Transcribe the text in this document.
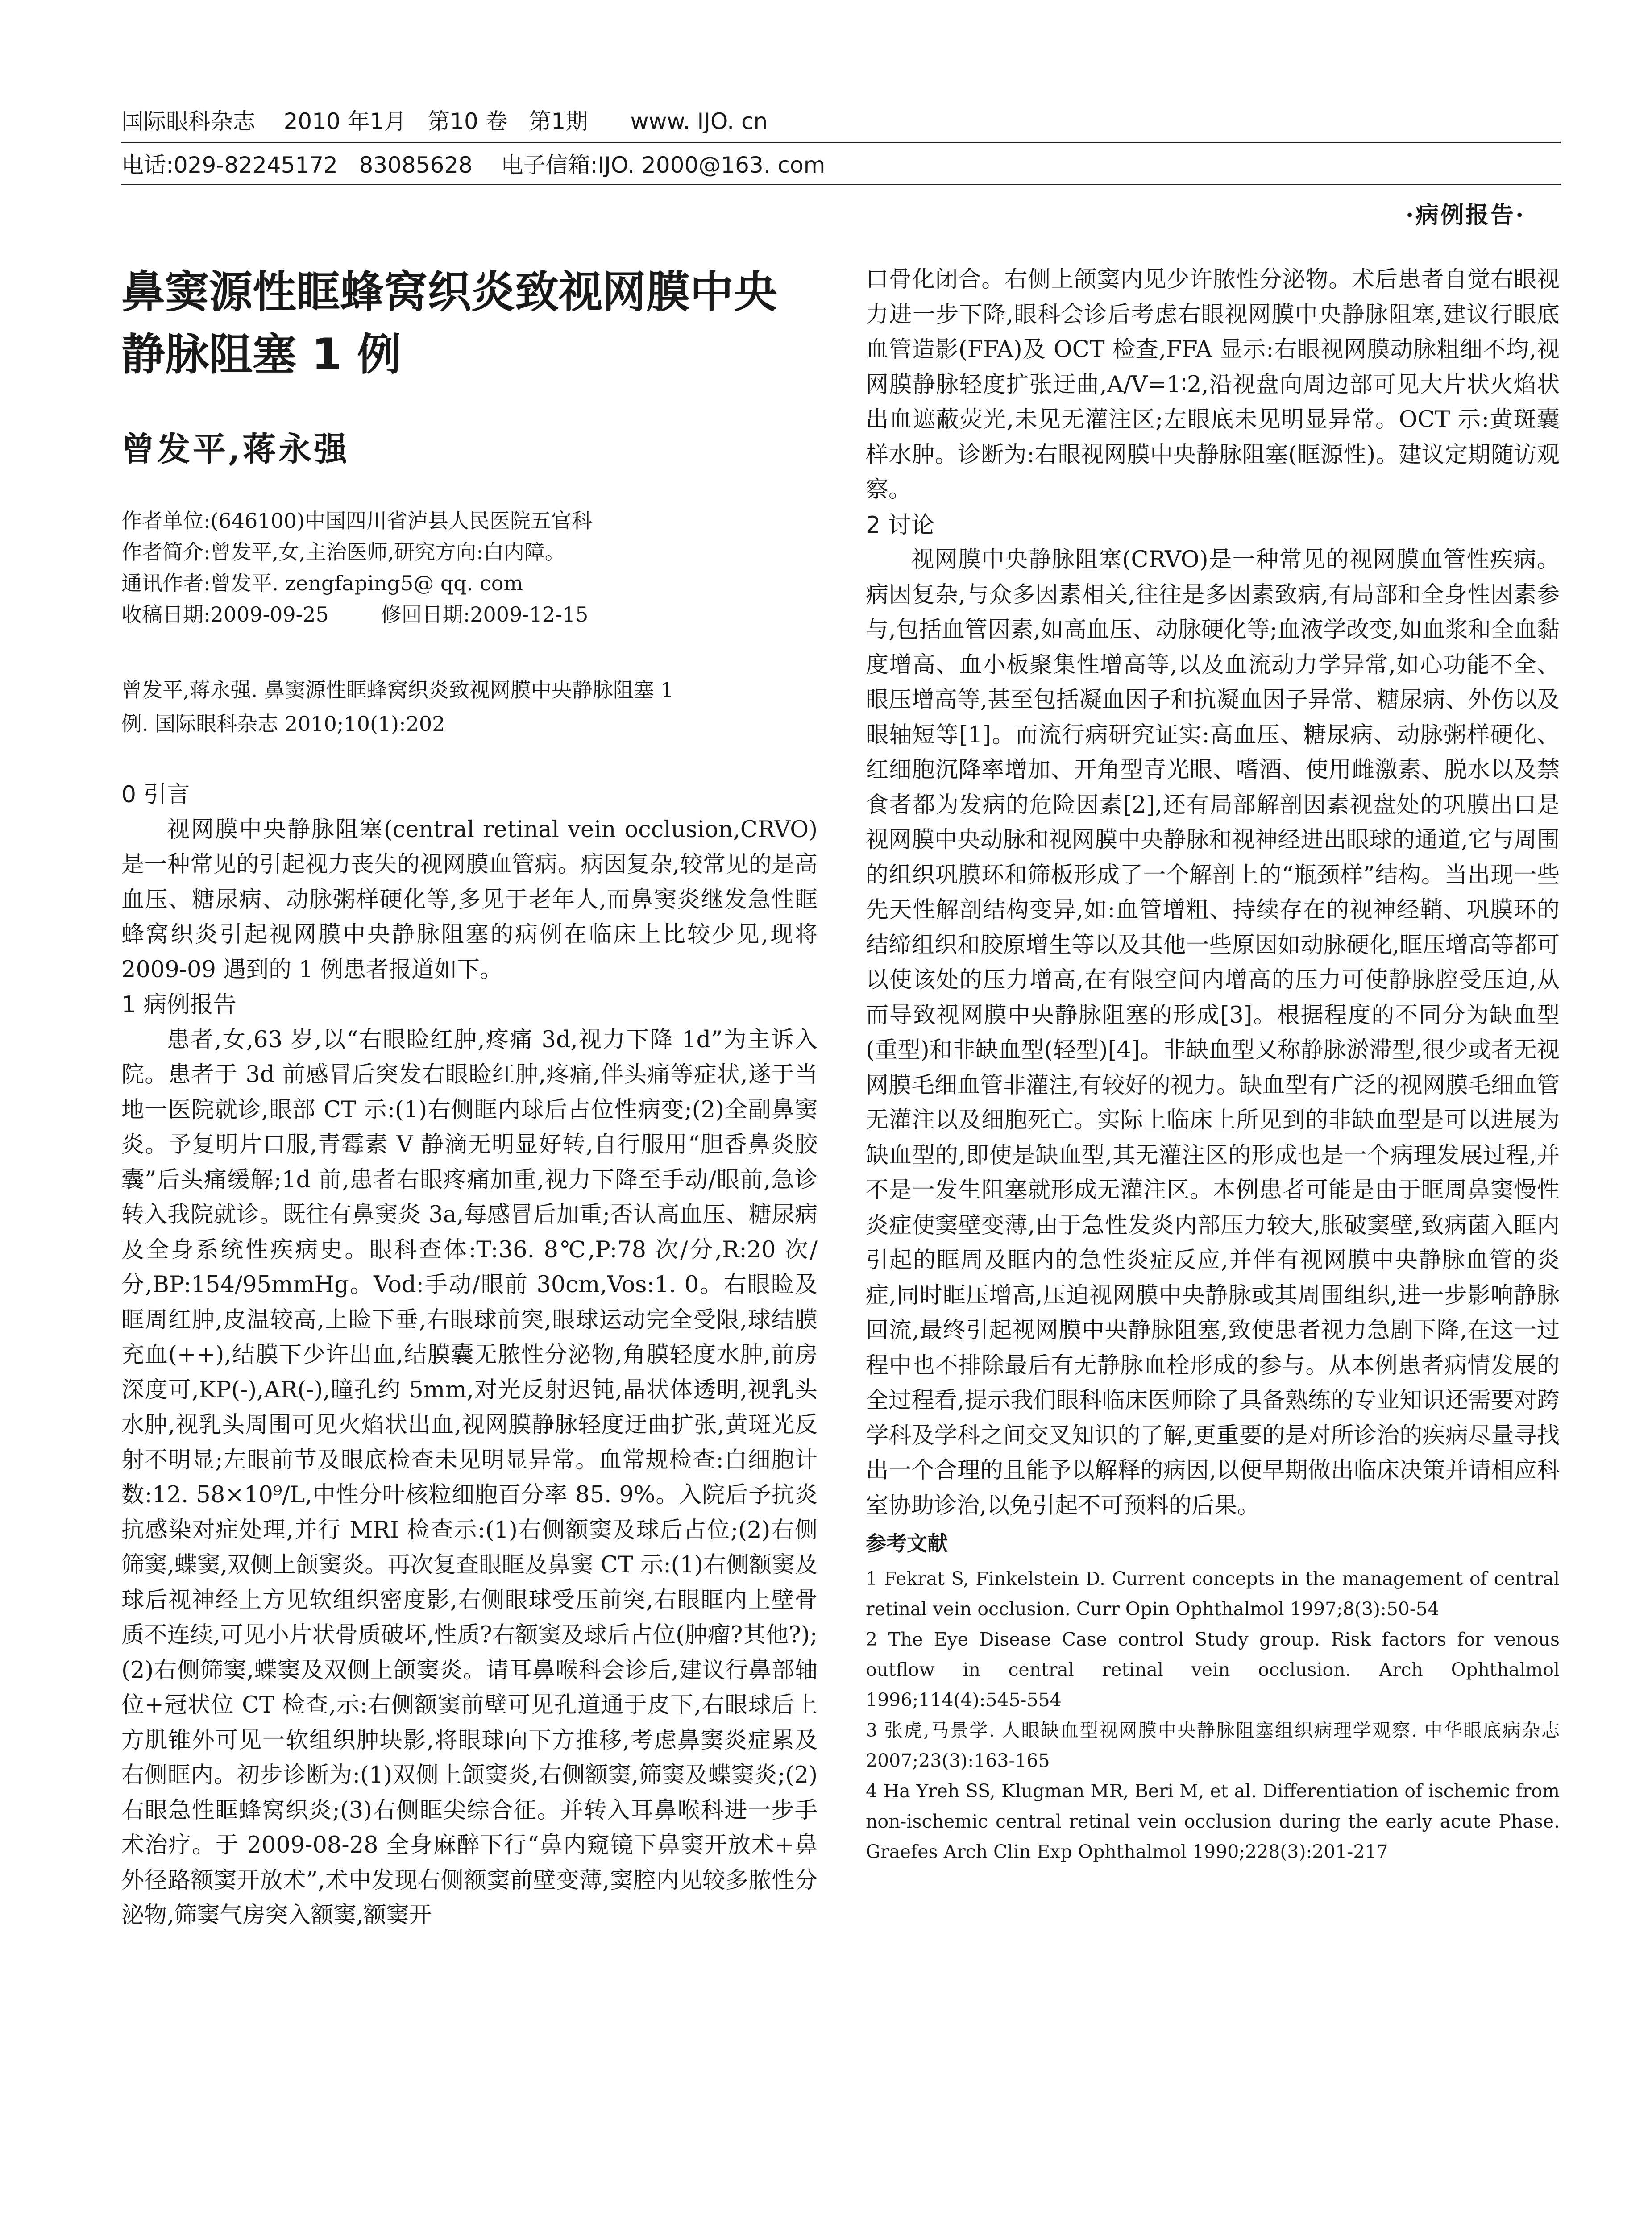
国际眼科杂志    2010 年1月   第10 卷   第1期      www. IJO. cn
电话:029-82245172   83085628    电子信箱:IJO. 2000@163. com
·病例报告·
鼻窦源性眶蜂窝织炎致视网膜中央静脉阻塞 1 例
曾发平,蒋永强
作者单位:(646100)中国四川省泸县人民医院五官科
作者简介:曾发平,女,主治医师,研究方向:白内障。
通讯作者:曾发平. zengfaping5@ qq. com
收稿日期:2009-09-25        修回日期:2009-12-15
曾发平,蒋永强. 鼻窦源性眶蜂窝织炎致视网膜中央静脉阻塞 1
例. 国际眼科杂志 2010;10(1):202
0 引言

视网膜中央静脉阻塞(central retinal vein occlusion,CRVO)是一种常见的引起视力丧失的视网膜血管病。病因复杂,较常见的是高血压、糖尿病、动脉粥样硬化等,多见于老年人,而鼻窦炎继发急性眶蜂窝织炎引起视网膜中央静脉阻塞的病例在临床上比较少见,现将 2009-09 遇到的 1 例患者报道如下。

1 病例报告

患者,女,63 岁,以“右眼睑红肿,疼痛 3d,视力下降 1d”为主诉入院。患者于 3d 前感冒后突发右眼睑红肿,疼痛,伴头痛等症状,遂于当地一医院就诊,眼部 CT 示:(1)右侧眶内球后占位性病变;(2)全副鼻窦炎。予复明片口服,青霉素 V 静滴无明显好转,自行服用“胆香鼻炎胶囊”后头痛缓解;1d 前,患者右眼疼痛加重,视力下降至手动/眼前,急诊转入我院就诊。既往有鼻窦炎 3a,每感冒后加重;否认高血压、糖尿病及全身系统性疾病史。眼科查体:T:36. 8℃,P:78 次/分,R:20 次/分,BP:154/95mmHg。Vod:手动/眼前 30cm,Vos:1. 0。右眼睑及眶周红肿,皮温较高,上睑下垂,右眼球前突,眼球运动完全受限,球结膜充血(++),结膜下少许出血,结膜囊无脓性分泌物,角膜轻度水肿,前房深度可,KP(-),AR(-),瞳孔约 5mm,对光反射迟钝,晶状体透明,视乳头水肿,视乳头周围可见火焰状出血,视网膜静脉轻度迂曲扩张,黄斑光反射不明显;左眼前节及眼底检查未见明显异常。血常规检查:白细胞计数:12. 58×10⁹/L,中性分叶核粒细胞百分率 85. 9%。入院后予抗炎抗感染对症处理,并行 MRI 检查示:(1)右侧额窦及球后占位;(2)右侧筛窦,蝶窦,双侧上颌窦炎。再次复查眼眶及鼻窦 CT 示:(1)右侧额窦及球后视神经上方见软组织密度影,右侧眼球受压前突,右眼眶内上壁骨质不连续,可见小片状骨质破坏,性质?右额窦及球后占位(肿瘤?其他?);(2)右侧筛窦,蝶窦及双侧上颌窦炎。请耳鼻喉科会诊后,建议行鼻部轴位+冠状位 CT 检查,示:右侧额窦前壁可见孔道通于皮下,右眼球后上方肌锥外可见一软组织肿块影,将眼球向下方推移,考虑鼻窦炎症累及右侧眶内。初步诊断为:(1)双侧上颌窦炎,右侧额窦,筛窦及蝶窦炎;(2)右眼急性眶蜂窝织炎;(3)右侧眶尖综合征。并转入耳鼻喉科进一步手术治疗。于 2009-08-28 全身麻醉下行“鼻内窥镜下鼻窦开放术+鼻外径路额窦开放术”,术中发现右侧额窦前壁变薄,窦腔内见较多脓性分泌物,筛窦气房突入额窦,额窦开

口骨化闭合。右侧上颌窦内见少许脓性分泌物。术后患者自觉右眼视力进一步下降,眼科会诊后考虑右眼视网膜中央静脉阻塞,建议行眼底血管造影(FFA)及 OCT 检查,FFA 显示:右眼视网膜动脉粗细不均,视网膜静脉轻度扩张迂曲,A/V=1∶2,沿视盘向周边部可见大片状火焰状出血遮蔽荧光,未见无灌注区;左眼底未见明显异常。OCT 示:黄斑囊样水肿。诊断为:右眼视网膜中央静脉阻塞(眶源性)。建议定期随访观察。

2 讨论

视网膜中央静脉阻塞(CRVO)是一种常见的视网膜血管性疾病。病因复杂,与众多因素相关,往往是多因素致病,有局部和全身性因素参与,包括血管因素,如高血压、动脉硬化等;血液学改变,如血浆和全血黏度增高、血小板聚集性增高等,以及血流动力学异常,如心功能不全、眼压增高等,甚至包括凝血因子和抗凝血因子异常、糖尿病、外伤以及眼轴短等[1]。而流行病研究证实:高血压、糖尿病、动脉粥样硬化、红细胞沉降率增加、开角型青光眼、嗜酒、使用雌激素、脱水以及禁食者都为发病的危险因素[2],还有局部解剖因素视盘处的巩膜出口是视网膜中央动脉和视网膜中央静脉和视神经进出眼球的通道,它与周围的组织巩膜环和筛板形成了一个解剖上的“瓶颈样”结构。当出现一些先天性解剖结构变异,如:血管增粗、持续存在的视神经鞘、巩膜环的结缔组织和胶原增生等以及其他一些原因如动脉硬化,眶压增高等都可以使该处的压力增高,在有限空间内增高的压力可使静脉腔受压迫,从而导致视网膜中央静脉阻塞的形成[3]。根据程度的不同分为缺血型(重型)和非缺血型(轻型)[4]。非缺血型又称静脉淤滞型,很少或者无视网膜毛细血管非灌注,有较好的视力。缺血型有广泛的视网膜毛细血管无灌注以及细胞死亡。实际上临床上所见到的非缺血型是可以进展为缺血型的,即使是缺血型,其无灌注区的形成也是一个病理发展过程,并不是一发生阻塞就形成无灌注区。本例患者可能是由于眶周鼻窦慢性炎症使窦壁变薄,由于急性发炎内部压力较大,胀破窦壁,致病菌入眶内引起的眶周及眶内的急性炎症反应,并伴有视网膜中央静脉血管的炎症,同时眶压增高,压迫视网膜中央静脉或其周围组织,进一步影响静脉回流,最终引起视网膜中央静脉阻塞,致使患者视力急剧下降,在这一过程中也不排除最后有无静脉血栓形成的参与。从本例患者病情发展的全过程看,提示我们眼科临床医师除了具备熟练的专业知识还需要对跨学科及学科之间交叉知识的了解,更重要的是对所诊治的疾病尽量寻找出一个合理的且能予以解释的病因,以便早期做出临床决策并请相应科室协助诊治,以免引起不可预料的后果。

参考文献
1 Fekrat S, Finkelstein D. Current concepts in the management of central retinal vein occlusion. Curr Opin Ophthalmol 1997;8(3):50-54
2 The Eye Disease Case control Study group. Risk factors for venous outflow in central retinal vein occlusion. Arch Ophthalmol 1996;114(4):545-554
3 张虎,马景学. 人眼缺血型视网膜中央静脉阻塞组织病理学观察. 中华眼底病杂志 2007;23(3):163-165
4 Ha Yreh SS, Klugman MR, Beri M, et al. Differentiation of ischemic from non-ischemic central retinal vein occlusion during the early acute Phase. Graefes Arch Clin Exp Ophthalmol 1990;228(3):201-217
